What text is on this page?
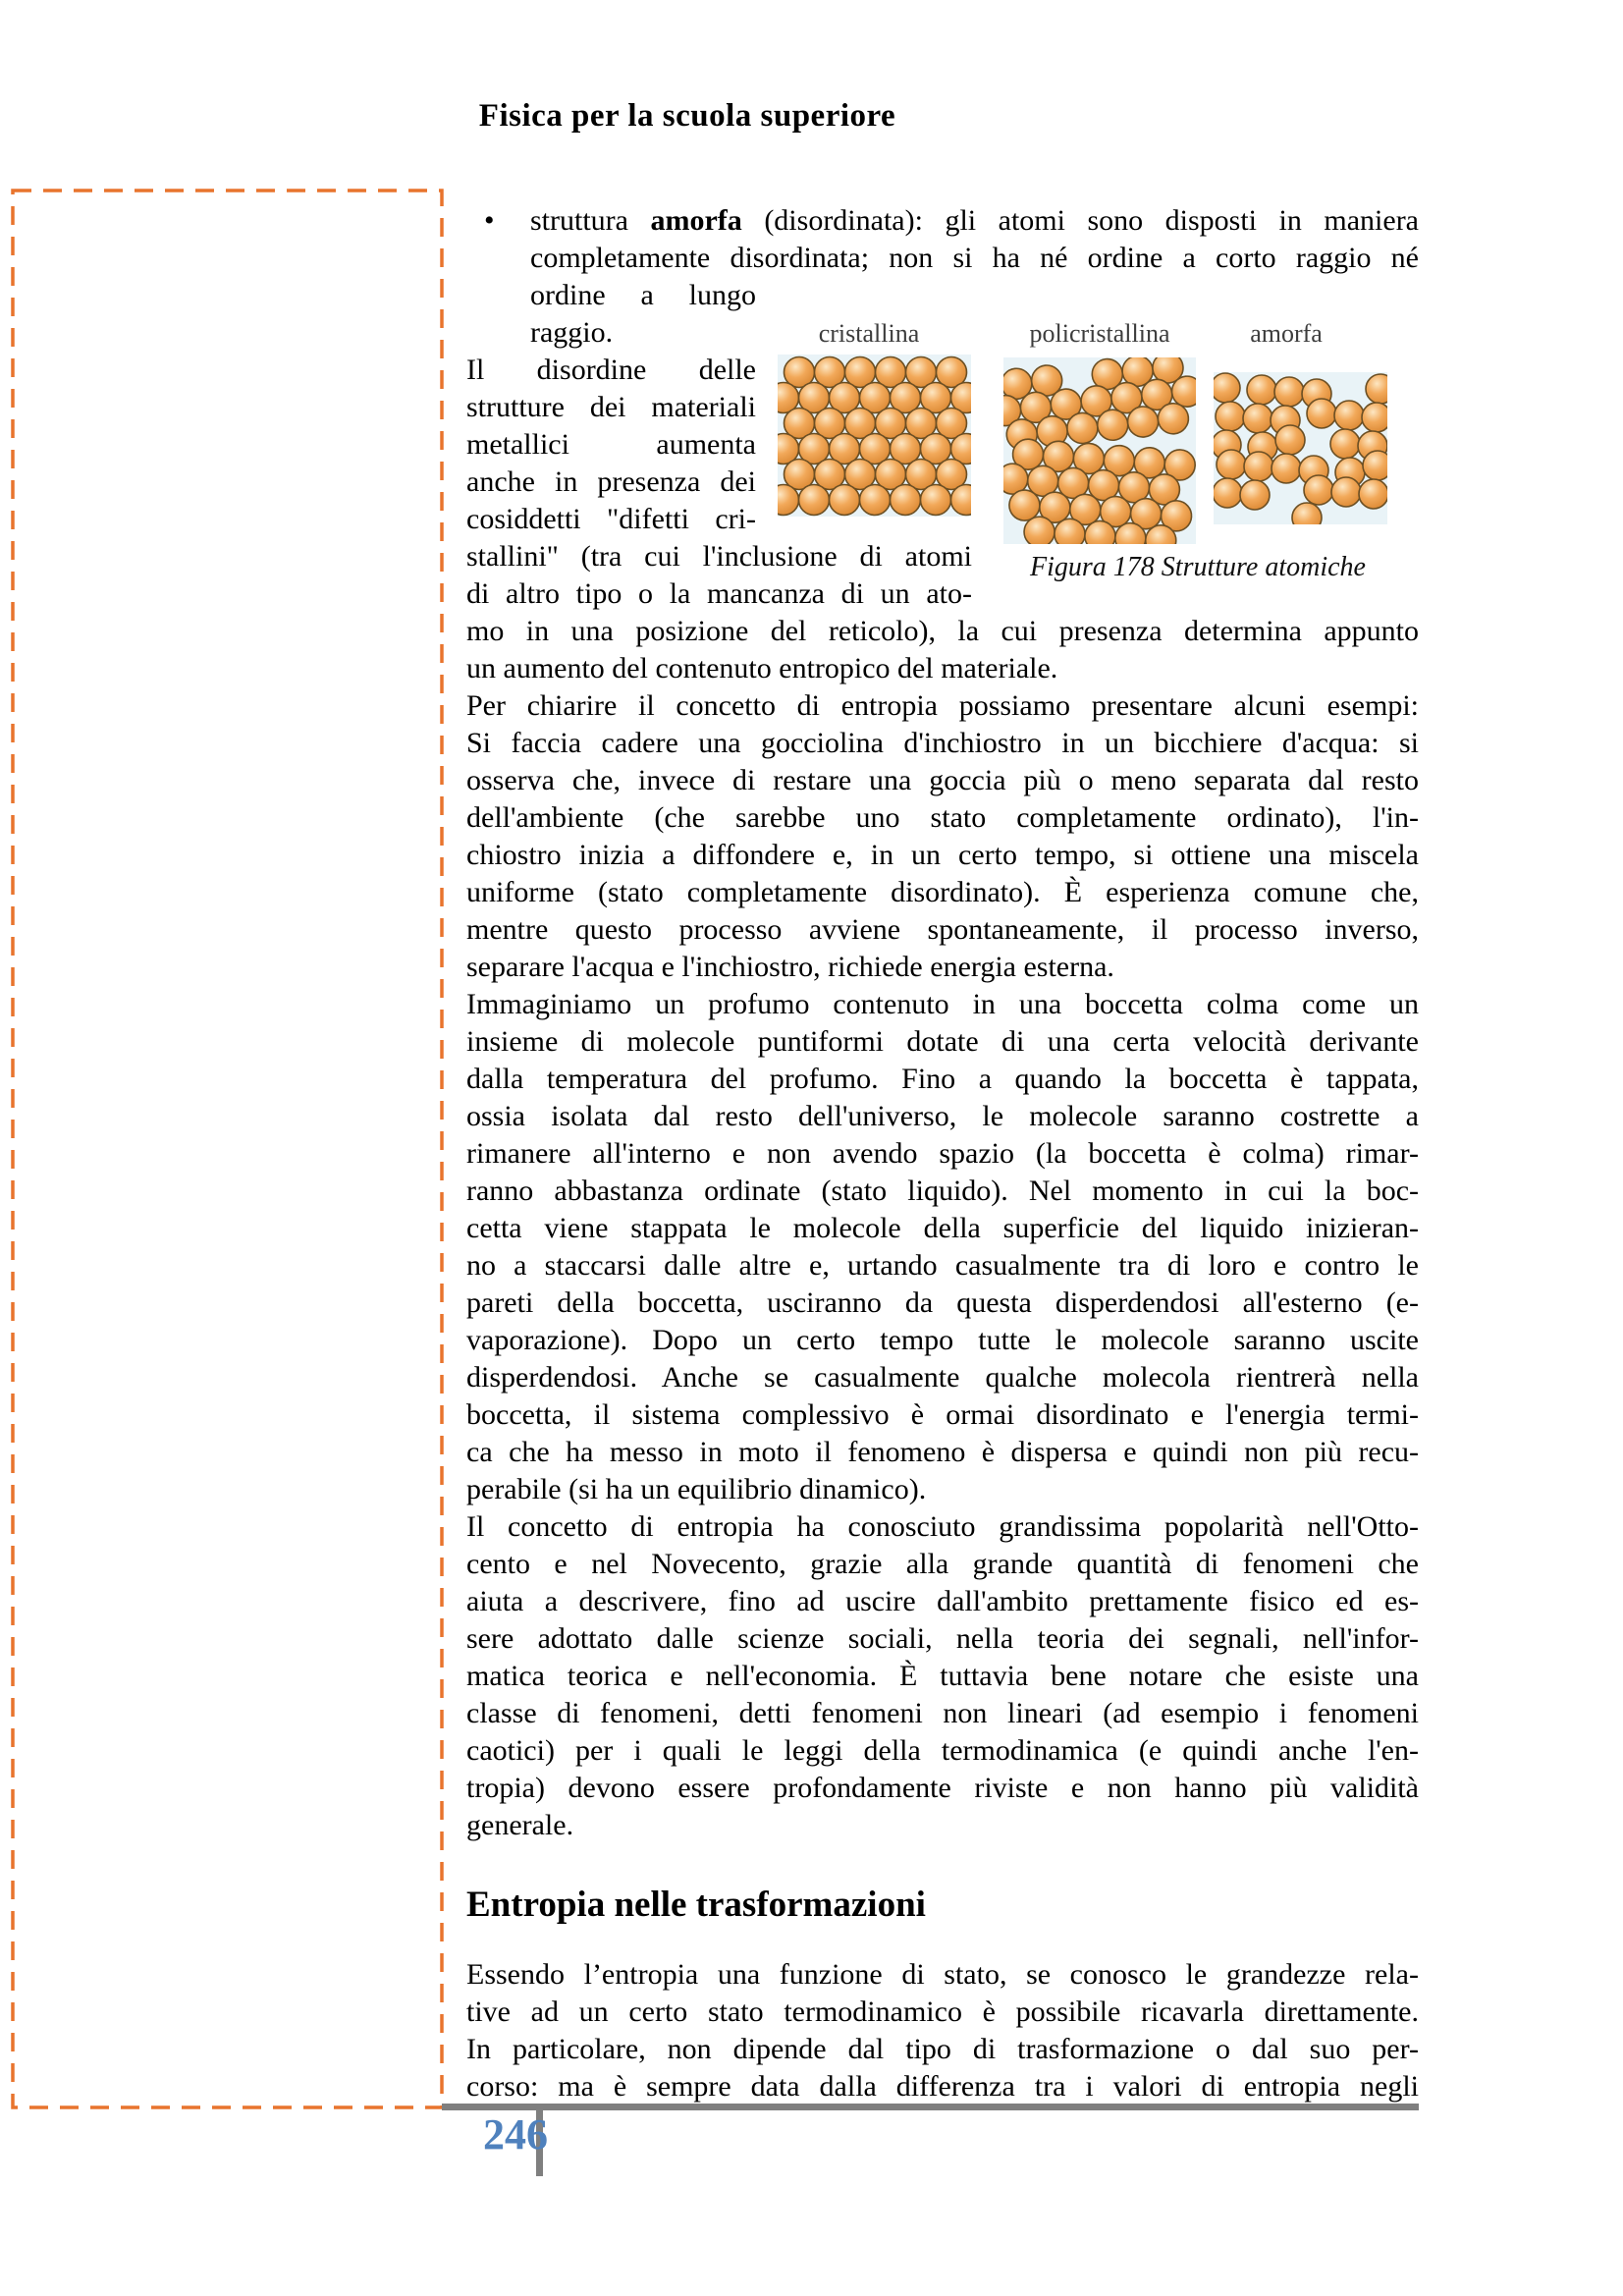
Fisica per la scuola superiore
• struttura amorfa (disordinata): gli atomi sono disposti in maniera
completamente disordinata; non si ha né ordine a corto raggio né
ordine a lungo
raggio.
Il disordine delle
strutture dei materiali
metallici aumenta
anche in presenza dei
cosiddetti "difetti cri-
stallini" (tra cui l'inclusione di atomi
di altro tipo o la mancanza di un ato-
mo in una posizione del reticolo), la cui presenza determina appunto
un aumento del contenuto entropico del materiale.
Per chiarire il concetto di entropia possiamo presentare alcuni esempi:
Si faccia cadere una gocciolina d'inchiostro in un bicchiere d'acqua: si
osserva che, invece di restare una goccia più o meno separata dal resto
dell'ambiente (che sarebbe uno stato completamente ordinato), l'in-
chiostro inizia a diffondere e, in un certo tempo, si ottiene una miscela
uniforme (stato completamente disordinato). È esperienza comune che,
mentre questo processo avviene spontaneamente, il processo inverso,
separare l'acqua e l'inchiostro, richiede energia esterna.
Immaginiamo un profumo contenuto in una boccetta colma come un
insieme di molecole puntiformi dotate di una certa velocità derivante
dalla temperatura del profumo. Fino a quando la boccetta è tappata,
ossia isolata dal resto dell'universo, le molecole saranno costrette a
rimanere all'interno e non avendo spazio (la boccetta è colma) rimar-
ranno abbastanza ordinate (stato liquido). Nel momento in cui la boc-
cetta viene stappata le molecole della superficie del liquido inizieran-
no a staccarsi dalle altre e, urtando casualmente tra di loro e contro le
pareti della boccetta, usciranno da questa disperdendosi all'esterno (e-
vaporazione). Dopo un certo tempo tutte le molecole saranno uscite
disperdendosi. Anche se casualmente qualche molecola rientrerà nella
boccetta, il sistema complessivo è ormai disordinato e l'energia termi-
ca che ha messo in moto il fenomeno è dispersa e quindi non più recu-
perabile (si ha un equilibrio dinamico).
Il concetto di entropia ha conosciuto grandissima popolarità nell'Otto-
cento e nel Novecento, grazie alla grande quantità di fenomeni che
aiuta a descrivere, fino ad uscire dall'ambito prettamente fisico ed es-
sere adottato dalle scienze sociali, nella teoria dei segnali, nell'infor-
matica teorica e nell'economia. È tuttavia bene notare che esiste una
classe di fenomeni, detti fenomeni non lineari (ad esempio i fenomeni
caotici) per i quali le leggi della termodinamica (e quindi anche l'en-
tropia) devono essere profondamente riviste e non hanno più validità
generale.
Entropia nelle trasformazioni
Essendo l’entropia una funzione di stato, se conosco le grandezze rela-
tive ad un certo stato termodinamico è possibile ricavarla direttamente.
In particolare, non dipende dal tipo di trasformazione o dal suo per-
corso: ma è sempre data dalla differenza tra i valori di entropia negli
cristallina	policristallina	amorfa
Figura 178 Strutture atomiche
246
